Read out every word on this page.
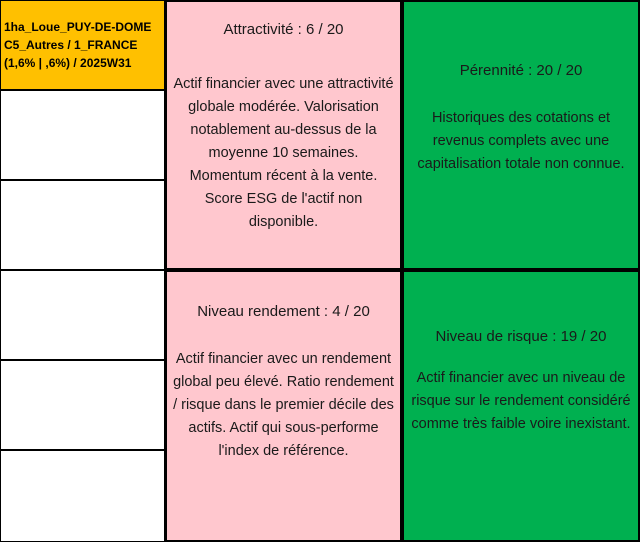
1ha_Loue_PUY-DE-DOME
C5_Autres / 1_FRANCE
(1,6% | ,6%) / 2025W31
Attractivité : 6 / 20
Actif financier avec une attractivité globale modérée. Valorisation notablement au-dessus de la moyenne 10 semaines. Momentum récent à la vente. Score ESG de l'actif non disponible.
Pérennité : 20 / 20
Historiques des cotations et revenus complets avec une capitalisation totale non connue.
Niveau rendement : 4 / 20
Actif financier avec un rendement global peu élevé. Ratio rendement / risque dans le premier décile des actifs. Actif qui sous-performe l'index de référence.
Niveau de risque : 19 / 20
Actif financier avec un niveau de risque sur le rendement considéré comme très faible voire inexistant.
